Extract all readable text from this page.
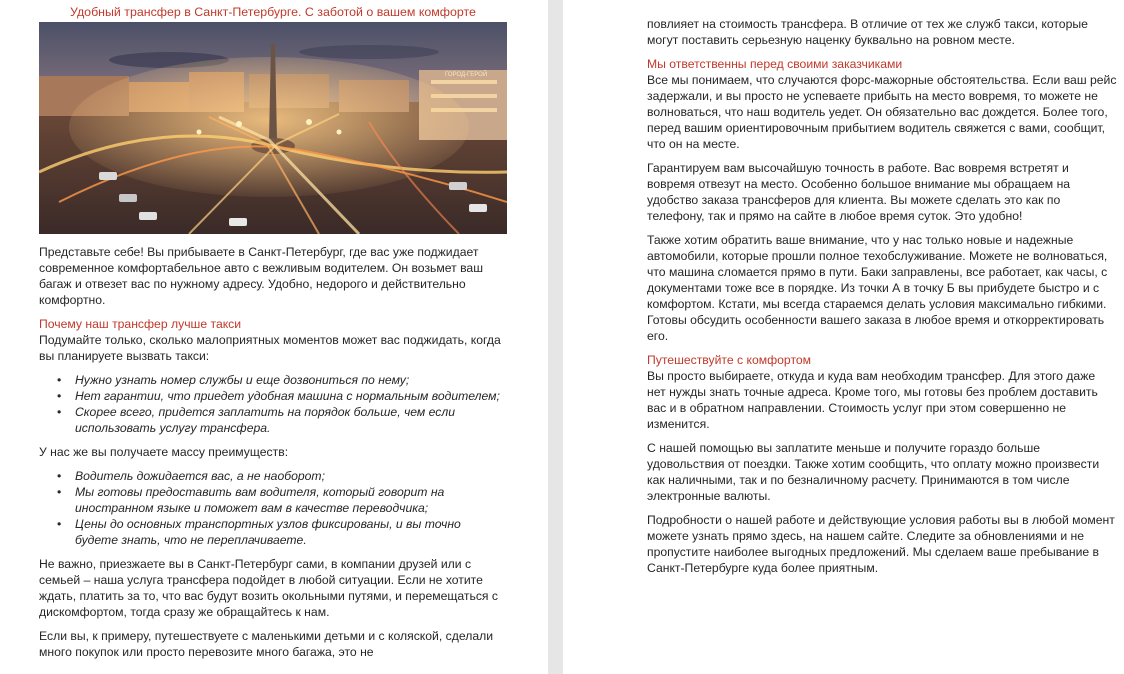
Удобный трансфер в Санкт-Петербурге. С заботой о вашем комфорте
ГОРОД-ГЕРОЙ

Представьте себе! Вы прибываете в Санкт-Петербург, где вас уже поджидает современное комфортабельное авто с вежливым водителем. Он возьмет ваш багаж и отвезет вас по нужному адресу. Удобно, недорого и действительно комфортно.

Почему наш трансфер лучше такси

Подумайте только, сколько малоприятных моментов может вас поджидать, когда вы планируете вызвать такси:

• Нужно узнать номер службы и еще дозвониться по нему;
• Нет гарантии, что приедет удобная машина с нормальным водителем;
• Скорее всего, придется заплатить на порядок больше, чем если использовать услугу трансфера.

У нас же вы получаете массу преимуществ:

• Водитель дожидается вас, а не наоборот;
• Мы готовы предоставить вам водителя, который говорит на иностранном языке и поможет вам в качестве переводчика;
• Цены до основных транспортных узлов фиксированы, и вы точно будете знать, что не переплачиваете.

Не важно, приезжаете вы в Санкт-Петербург сами, в компании друзей или с семьей – наша услуга трансфера подойдет в любой ситуации. Если не хотите ждать, платить за то, что вас будут возить окольными путями, и перемещаться с дискомфортом, тогда сразу же обращайтесь к нам.

Если вы, к примеру, путешествуете с маленькими детьми и с коляской, сделали много покупок или просто перевозите много багажа, это не

повлияет на стоимость трансфера. В отличие от тех же служб такси, которые могут поставить серьезную наценку буквально на ровном месте.

Мы ответственны перед своими заказчиками

Все мы понимаем, что случаются форс-мажорные обстоятельства. Если ваш рейс задержали, и вы просто не успеваете прибыть на место вовремя, то можете не волноваться, что наш водитель уедет. Он обязательно вас дождется. Более того, перед вашим ориентировочным прибытием водитель свяжется с вами, сообщит, что он на месте.

Гарантируем вам высочайшую точность в работе. Вас вовремя встретят и вовремя отвезут на место. Особенно большое внимание мы обращаем на удобство заказа трансферов для клиента. Вы можете сделать это как по телефону, так и прямо на сайте в любое время суток. Это удобно!

Также хотим обратить ваше внимание, что у нас только новые и надежные автомобили, которые прошли полное техобслуживание. Можете не волноваться, что машина сломается прямо в пути. Баки заправлены, все работает, как часы, с документами тоже все в порядке. Из точки А в точку Б вы прибудете быстро и с комфортом. Кстати, мы всегда стараемся делать условия максимально гибкими. Готовы обсудить особенности вашего заказа в любое время и откорректировать его.

Путешествуйте с комфортом

Вы просто выбираете, откуда и куда вам необходим трансфер. Для этого даже нет нужды знать точные адреса. Кроме того, мы готовы без проблем доставить вас и в обратном направлении. Стоимость услуг при этом совершенно не изменится.

С нашей помощью вы заплатите меньше и получите гораздо больше удовольствия от поездки. Также хотим сообщить, что оплату можно произвести как наличными, так и по безналичному расчету. Принимаются в том числе электронные валюты.

Подробности о нашей работе и действующие условия работы вы в любой момент можете узнать прямо здесь, на нашем сайте. Следите за обновлениями и не пропустите наиболее выгодных предложений. Мы сделаем ваше пребывание в Санкт-Петербурге куда более приятным.
